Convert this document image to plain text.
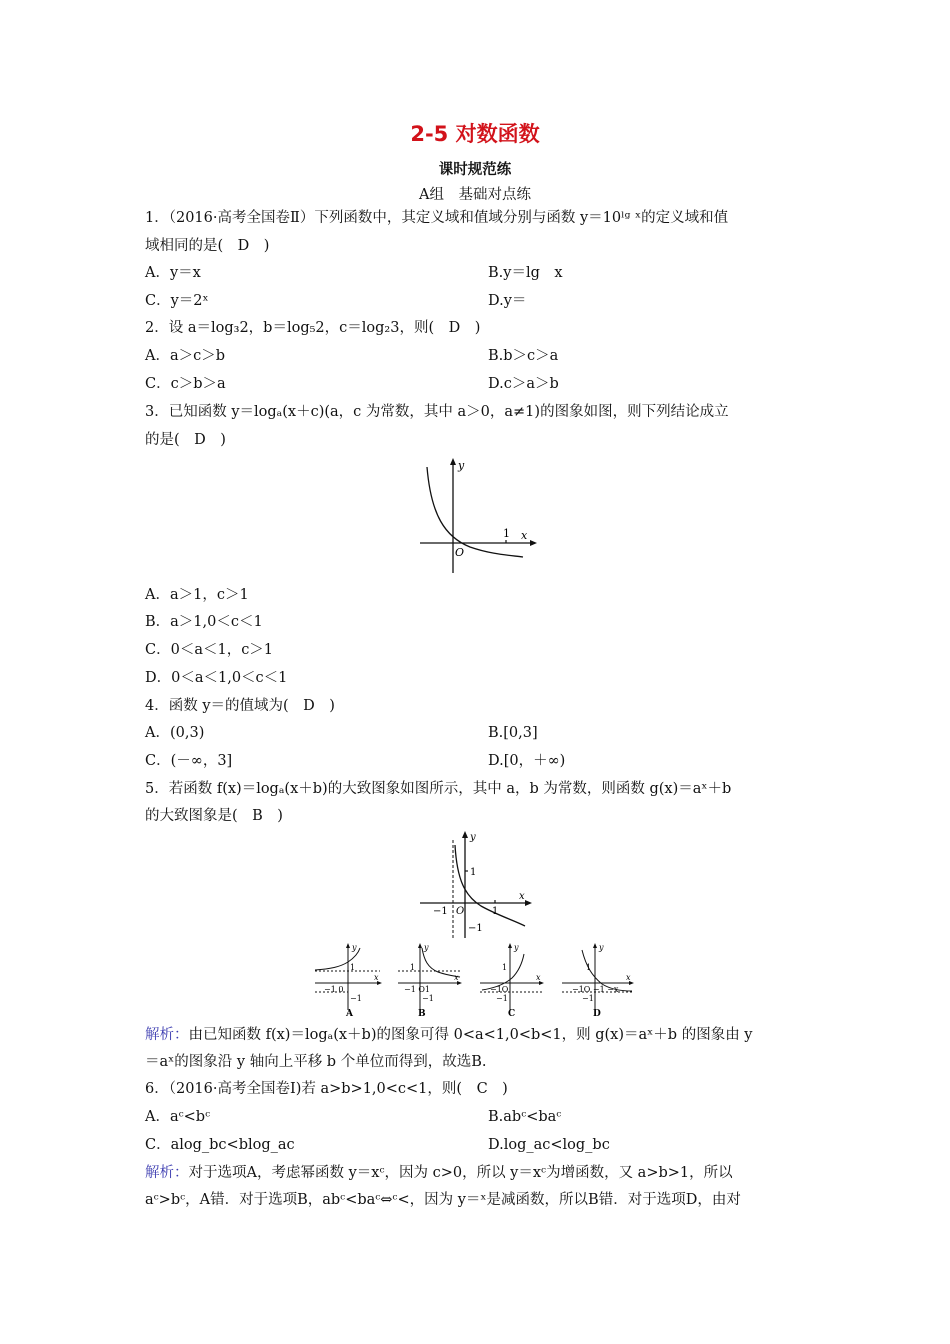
2-5 对数函数
课时规范练
A组　基础对点练
1．（2016·高考全国卷Ⅱ）下列函数中，其定义域和值域分别与函数 y＝10ˡᵍ ˣ的定义域和值
域相同的是(　D　)
A．y＝x	B.y＝lg　x
C．y＝2ˣ	D.y＝
2．设 a＝log₃2，b＝log₅2，c＝log₂3，则(　D　)
A．a＞c＞b	B.b＞c＞a
C．c＞b＞a	D.c＞a＞b
3．已知函数 y＝logₐ(x＋c)(a，c 为常数，其中 a＞0，a≠1)的图象如图，则下列结论成立
的是(　D　)
y
x
1
O
A．a＞1，c＞1
B．a＞1,0＜c＜1
C．0＜a＜1，c＞1
D．0＜a＜1,0＜c＜1
4．函数 y＝的值域为(　D　)
A．(0,3)	B.[0,3]
C．(－∞，3]	D.[0，＋∞)
5．若函数 f(x)＝logₐ(x＋b)的大致图象如图所示，其中 a，b 为常数，则函数 g(x)＝aˣ＋b
的大致图象是(　B　)
y
x
1
1
−1 O
−1
y
x
1
−1 0
−1
A
y
x
1
−1 O1
−1
B
y
x
1
−1O
−1
C
y
x
1
−1O −1 −x
−1
D
解析：由已知函数 f(x)＝logₐ(x＋b)的图象可得 0<a<1,0<b<1，则 g(x)＝aˣ＋b 的图象由 y
＝aˣ的图象沿 y 轴向上平移 b 个单位而得到，故选B.
6．（2016·高考全国卷Ⅰ)若 a>b>1,0<c<1，则(　C　)
A．aᶜ<bᶜ	B.abᶜ<baᶜ
C．alog_bc<blog_ac	D.log_ac<log_bc
解析：对于选项A，考虑幂函数 y＝xᶜ，因为 c>0，所以 y＝xᶜ为增函数，又 a>b>1，所以
aᶜ>bᶜ，A错．对于选项B，abᶜ<baᶜ⇔ᶜ<，因为 y＝ˣ是减函数，所以B错．对于选项D，由对
